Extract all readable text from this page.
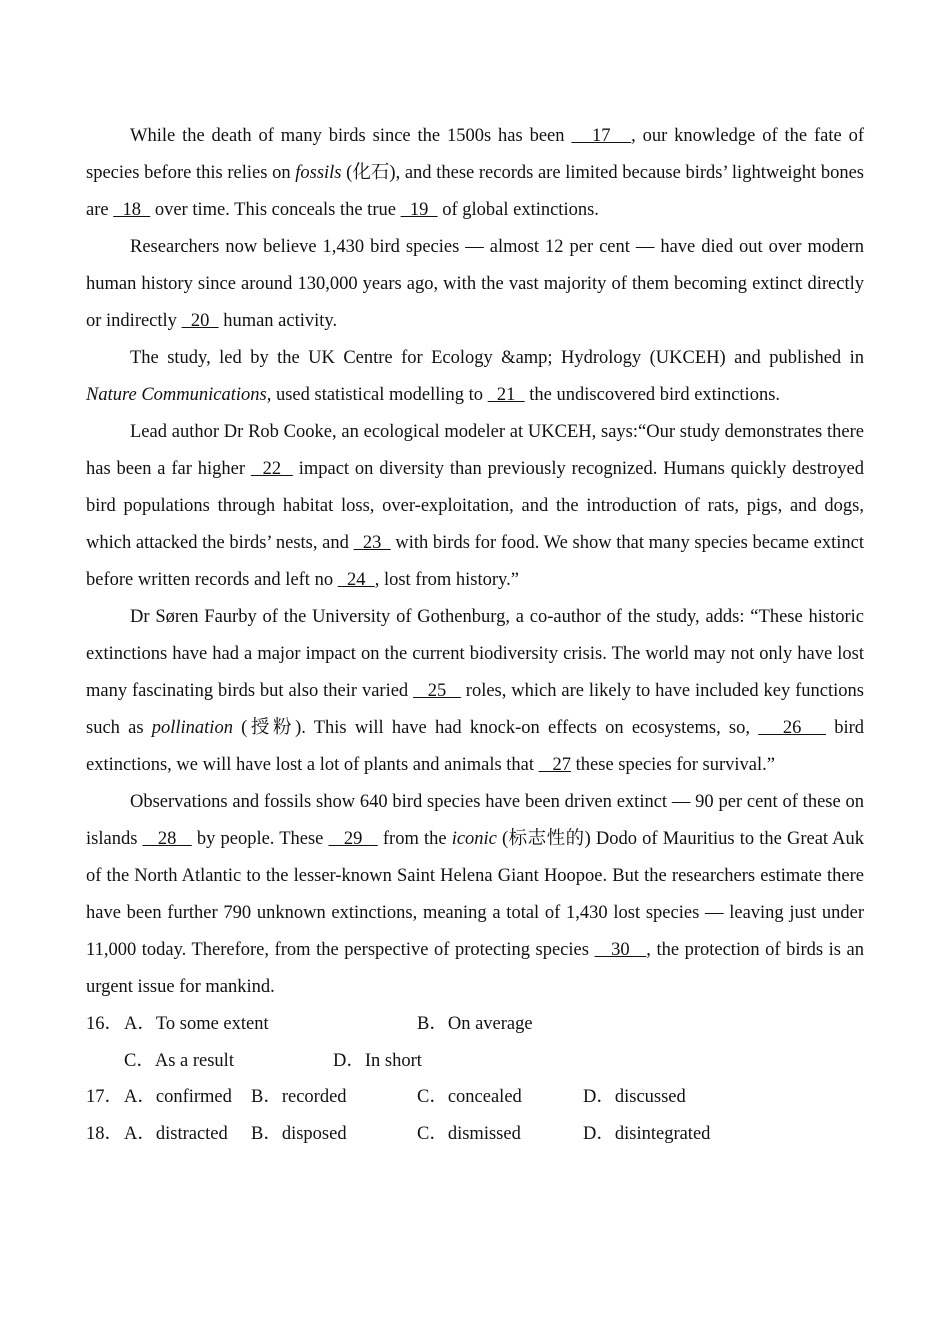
While the death of many birds since the 1500s has been    17   , our knowledge of the fate of species before this relies on fossils (化石), and these records are limited because birds’ lightweight bones are   18   over time. This conceals the true   19   of global extinctions.

Researchers now believe 1,430 bird species — almost 12 per cent — have died out over modern human history since around 130,000 years ago, with the vast majority of them becoming extinct directly or indirectly   20   human activity.

The study, led by the UK Centre for Ecology &amp; Hydrology (UKCEH) and published in Nature Communications, used statistical modelling to   21   the undiscovered bird extinctions.

Lead author Dr Rob Cooke, an ecological modeler at UKCEH, says:“Our study demonstrates there has been a far higher   22   impact on diversity than previously recognized. Humans quickly destroyed bird populations through habitat loss, over-exploitation, and the introduction of rats, pigs, and dogs, which attacked the birds’ nests, and   23   with birds for food. We show that many species became extinct before written records and left no   24  , lost from history.”

Dr Søren Faurby of the University of Gothenburg, a co-author of the study, adds: “These historic extinctions have had a major impact on the current biodiversity crisis. The world may not only have lost many fascinating birds but also their varied    25    roles, which are likely to have included key functions such as pollination (授粉). This will have had knock-on effects on ecosystems, so,    26    bird extinctions, we will have lost a lot of plants and animals that    27 these species for survival.”

Observations and fossils show 640 bird species have been driven extinct — 90 per cent of these on islands    28    by people. These    29    from the iconic (标志性的) Dodo of Mauritius to the Great Auk of the North Atlantic to the lesser-known Saint Helena Giant Hoopoe. But the researchers estimate there have been further 790 unknown extinctions, meaning a total of 1,430 lost species — leaving just under 11,000 today. Therefore, from the perspective of protecting species    30   , the protection of birds is an urgent issue for mankind.

16． A．To some extent	B．On average
C．As a result	D．In short
17． A．confirmed B．recorded	C．concealed	D．discussed
18． A．distracted B．disposed	C．dismissed	D．disintegrated
